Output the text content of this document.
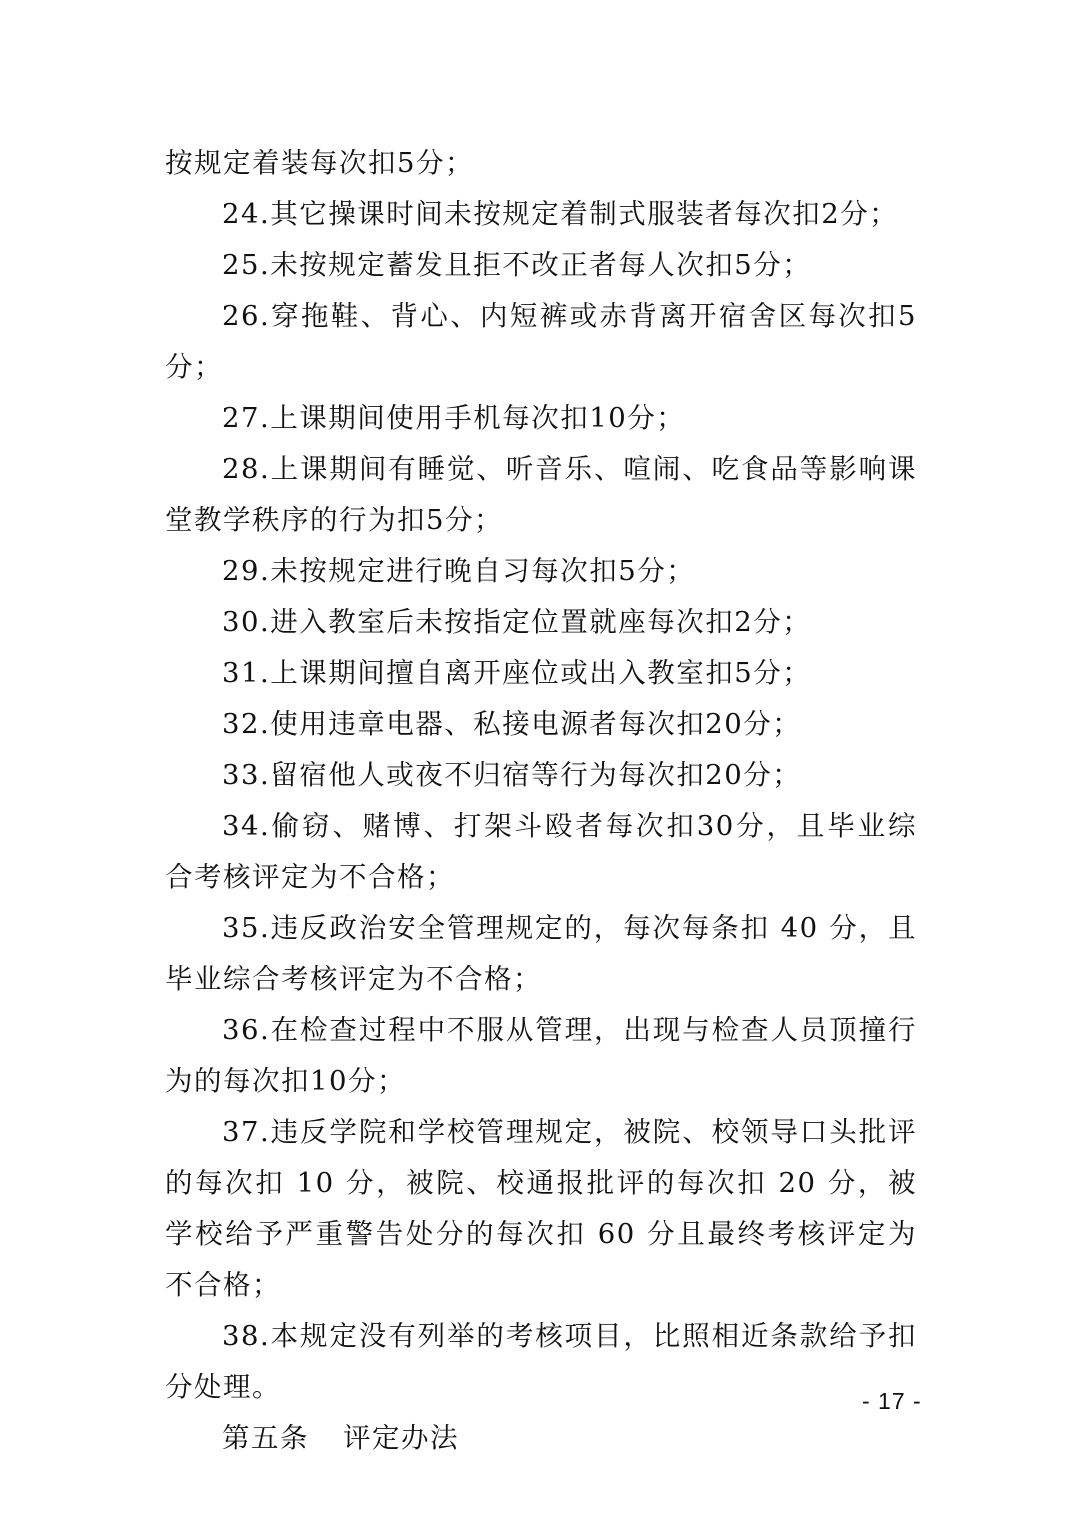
按规定着装每次扣5分；

24.其它操课时间未按规定着制式服装者每次扣2分；

25.未按规定蓄发且拒不改正者每人次扣5分；

26.穿拖鞋、背心、内短裤或赤背离开宿舍区每次扣5分；

27.上课期间使用手机每次扣10分；

28.上课期间有睡觉、听音乐、喧闹、吃食品等影响课堂教学秩序的行为扣5分；

29.未按规定进行晚自习每次扣5分；

30.进入教室后未按指定位置就座每次扣2分；

31.上课期间擅自离开座位或出入教室扣5分；

32.使用违章电器、私接电源者每次扣20分；

33.留宿他人或夜不归宿等行为每次扣20分；

34.偷窃、赌博、打架斗殴者每次扣30分，且毕业综合考核评定为不合格；

35.违反政治安全管理规定的，每次每条扣 40 分，且毕业综合考核评定为不合格；

36.在检查过程中不服从管理，出现与检查人员顶撞行为的每次扣10分；

37.违反学院和学校管理规定，被院、校领导口头批评的每次扣 10 分，被院、校通报批评的每次扣 20 分，被学校给予严重警告处分的每次扣 60 分且最终考核评定为不合格；

38.本规定没有列举的考核项目，比照相近条款给予扣分处理。

第五条 评定办法

- 17 -
